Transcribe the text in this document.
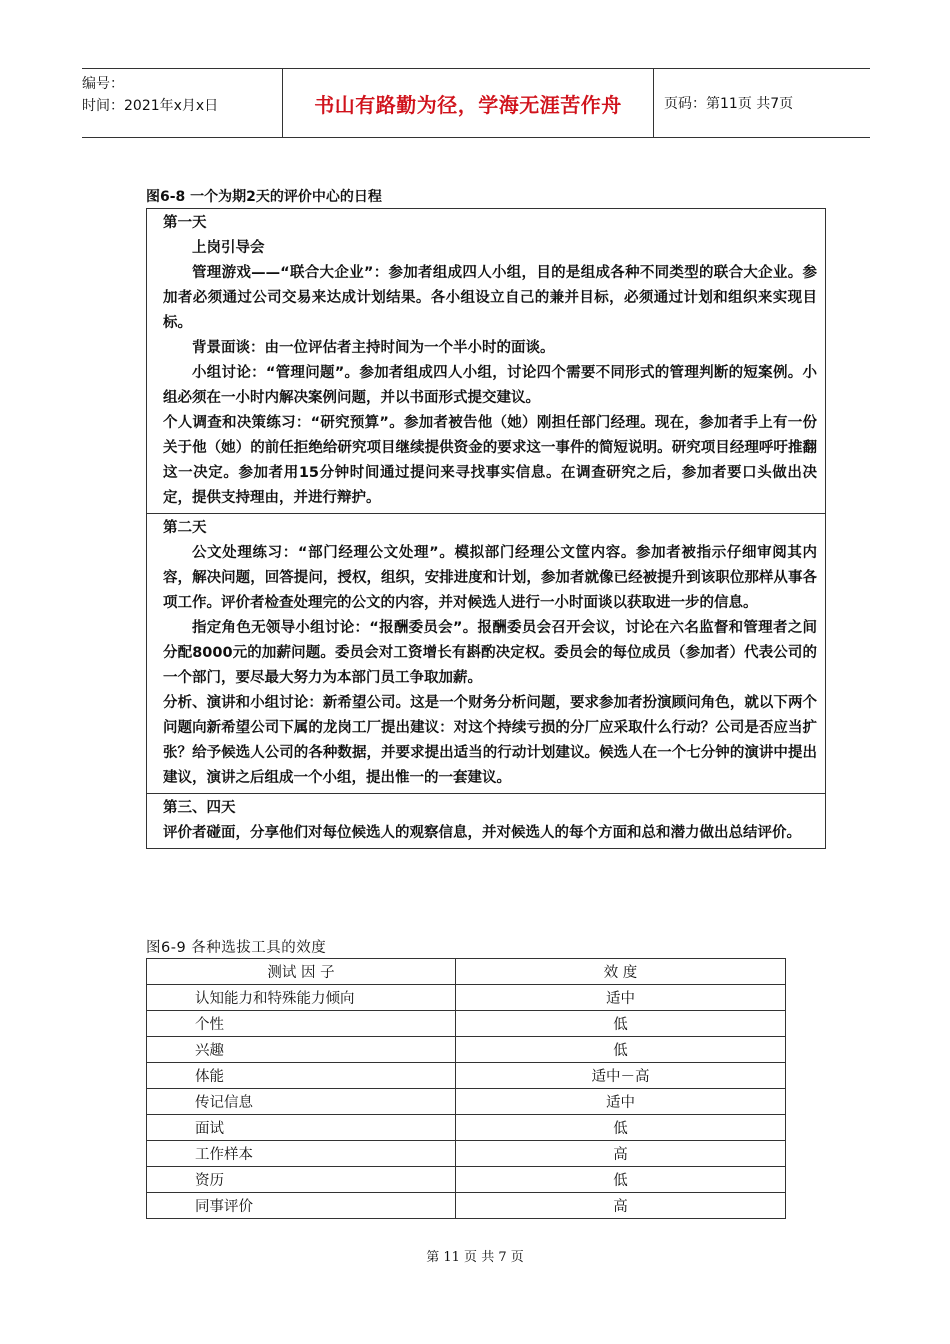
编号：
时间：2021年x月x日	书山有路勤为径，学海无涯苦作舟	页码：第11页 共7页
图6-8 一个为期2天的评价中心的日程

第一天

上岗引导会

管理游戏——“联合大企业”：参加者组成四人小组，目的是组成各种不同类型的联合大企业。参加者必须通过公司交易来达成计划结果。各小组设立自己的兼并目标，必须通过计划和组织来实现目标。

背景面谈：由一位评估者主持时间为一个半小时的面谈。

小组讨论：“管理问题”。参加者组成四人小组，讨论四个需要不同形式的管理判断的短案例。小组必须在一小时内解决案例问题，并以书面形式提交建议。

个人调查和决策练习：“研究预算”。参加者被告他（她）刚担任部门经理。现在，参加者手上有一份关于他（她）的前任拒绝给研究项目继续提供资金的要求这一事件的简短说明。研究项目经理呼吁推翻这一决定。参加者用15分钟时间通过提问来寻找事实信息。在调查研究之后，参加者要口头做出决定，提供支持理由，并进行辩护。

第二天

公文处理练习：“部门经理公文处理”。模拟部门经理公文筐内容。参加者被指示仔细审阅其内容，解决问题，回答提问，授权，组织，安排进度和计划，参加者就像已经被提升到该职位那样从事各项工作。评价者检查处理完的公文的内容，并对候选人进行一小时面谈以获取进一步的信息。

指定角色无领导小组讨论：“报酬委员会”。报酬委员会召开会议，讨论在六名监督和管理者之间分配8000元的加薪问题。委员会对工资增长有斟酌决定权。委员会的每位成员（参加者）代表公司的一个部门，要尽最大努力为本部门员工争取加薪。

分析、演讲和小组讨论：新希望公司。这是一个财务分析问题，要求参加者扮演顾问角色，就以下两个问题向新希望公司下属的龙岗工厂提出建议：对这个持续亏损的分厂应采取什么行动？公司是否应当扩张？给予候选人公司的各种数据，并要求提出适当的行动计划建议。候选人在一个七分钟的演讲中提出建议，演讲之后组成一个小组，提出惟一的一套建议。

第三、四天

评价者碰面，分享他们对每位候选人的观察信息，并对候选人的每个方面和总和潜力做出总结评价。

图6-9 各种选拔工具的效度
测试 因 子	效 度
认知能力和特殊能力倾向	适中
个性	低
兴趣	低
体能	适中－高
传记信息	适中
面试	低
工作样本	高
资历	低
同事评价	高
第 11 页 共 7 页
